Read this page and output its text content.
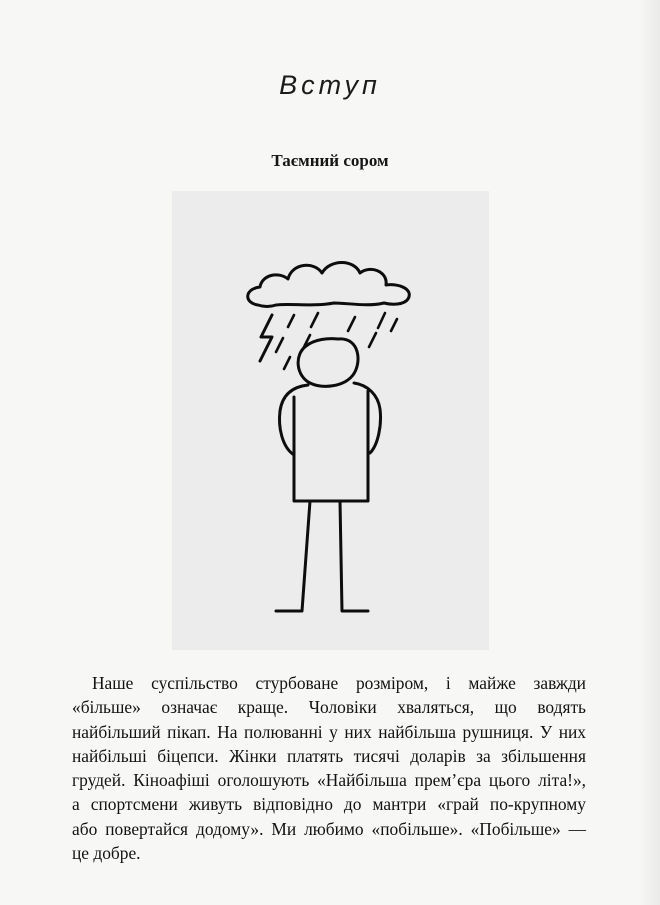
Вступ
Таємний сором
Наше суспільство стурбоване розміром, і майже завжди
«більше» означає краще. Чоловіки хваляться, що водять
найбільший пікап. На полюванні у них найбільша рушниця. У них
найбільші біцепси. Жінки платять тисячі доларів за збільшення
грудей. Кіноафіші оголошують «Найбільша прем’єра цього літа!»,
а спортсмени живуть відповідно до мантри «грай по-крупному
або повертайся додому». Ми любимо «побільше». «Побільше» —
це добре.
